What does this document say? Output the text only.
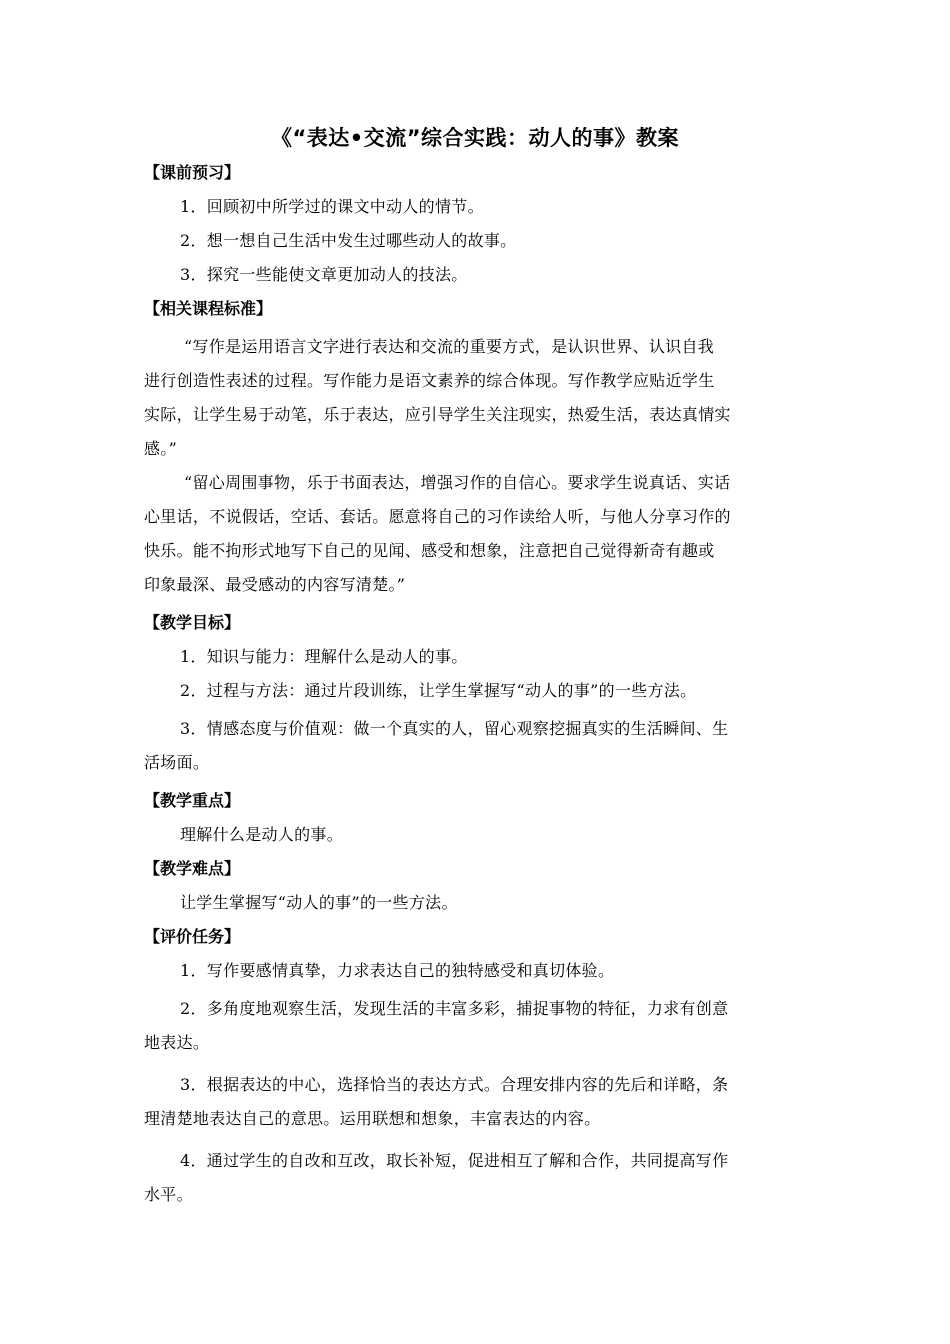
《“表达•交流”综合实践：动人的事》教案
【课前预习】
1．回顾初中所学过的课文中动人的情节。
2．想一想自己生活中发生过哪些动人的故事。
3．探究一些能使文章更加动人的技法。
【相关课程标准】
“写作是运用语言文字进行表达和交流的重要方式，是认识世界、认识自我
进行创造性表述的过程。写作能力是语文素养的综合体现。写作教学应贴近学生
实际，让学生易于动笔，乐于表达，应引导学生关注现实，热爱生活，表达真情实
感。”
“留心周围事物，乐于书面表达，增强习作的自信心。要求学生说真话、实话
心里话，不说假话，空话、套话。愿意将自己的习作读给人听，与他人分享习作的
快乐。能不拘形式地写下自己的见闻、感受和想象，注意把自己觉得新奇有趣或
印象最深、最受感动的内容写清楚。”
【教学目标】
1．知识与能力：理解什么是动人的事。
2．过程与方法：通过片段训练，让学生掌握写“动人的事”的一些方法。
3．情感态度与价值观：做一个真实的人，留心观察挖掘真实的生活瞬间、生
活场面。
【教学重点】
理解什么是动人的事。
【教学难点】
让学生掌握写“动人的事”的一些方法。
【评价任务】
1．写作要感情真挚，力求表达自己的独特感受和真切体验。
2．多角度地观察生活，发现生活的丰富多彩，捕捉事物的特征，力求有创意
地表达。
3．根据表达的中心，选择恰当的表达方式。合理安排内容的先后和详略，条
理清楚地表达自己的意思。运用联想和想象，丰富表达的内容。
4．通过学生的自改和互改，取长补短，促进相互了解和合作，共同提高写作
水平。
